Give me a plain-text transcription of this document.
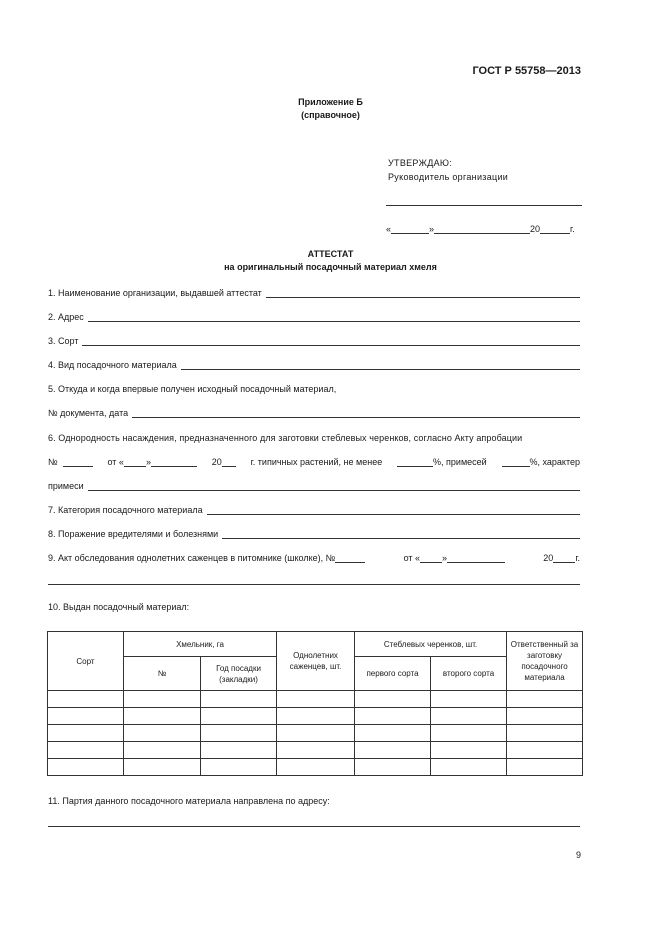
ГОСТ Р 55758—2013
Приложение Б
(справочное)
УТВЕРЖДАЮ:
Руководитель организации
«	»	20	г.
АТТЕСТАТ
на оригинальный посадочный материал хмеля
1. Наименование организации, выдавшей аттестат
2. Адрес
3. Сорт
4. Вид посадочного материала
5. Откуда и когда впервые получен исходный посадочный материал,
№ документа, дата
6. Однородность насаждения, предназначенного для заготовки стеблевых черенков, согласно Акту апробации
№	от « »	20	г. типичных растений, не менее	%, примесей	%, характер
примеси
7. Категория посадочного материала
8. Поражение вредителями и болезнями
9. Акт обследования однолетних саженцев в питомнике (школке), №	от « »	20 г.
10. Выдан посадочный материал:
Сорт	Хмельник, га		Однолетних саженцев, шт.	Стеблевых черенков, шт.		Ответственный за заготовку посадочного материала
	№	Год посадки (закладки)		первого сорта	второго сорта	

11. Партия данного посадочного материала направлена по адресу:
9
